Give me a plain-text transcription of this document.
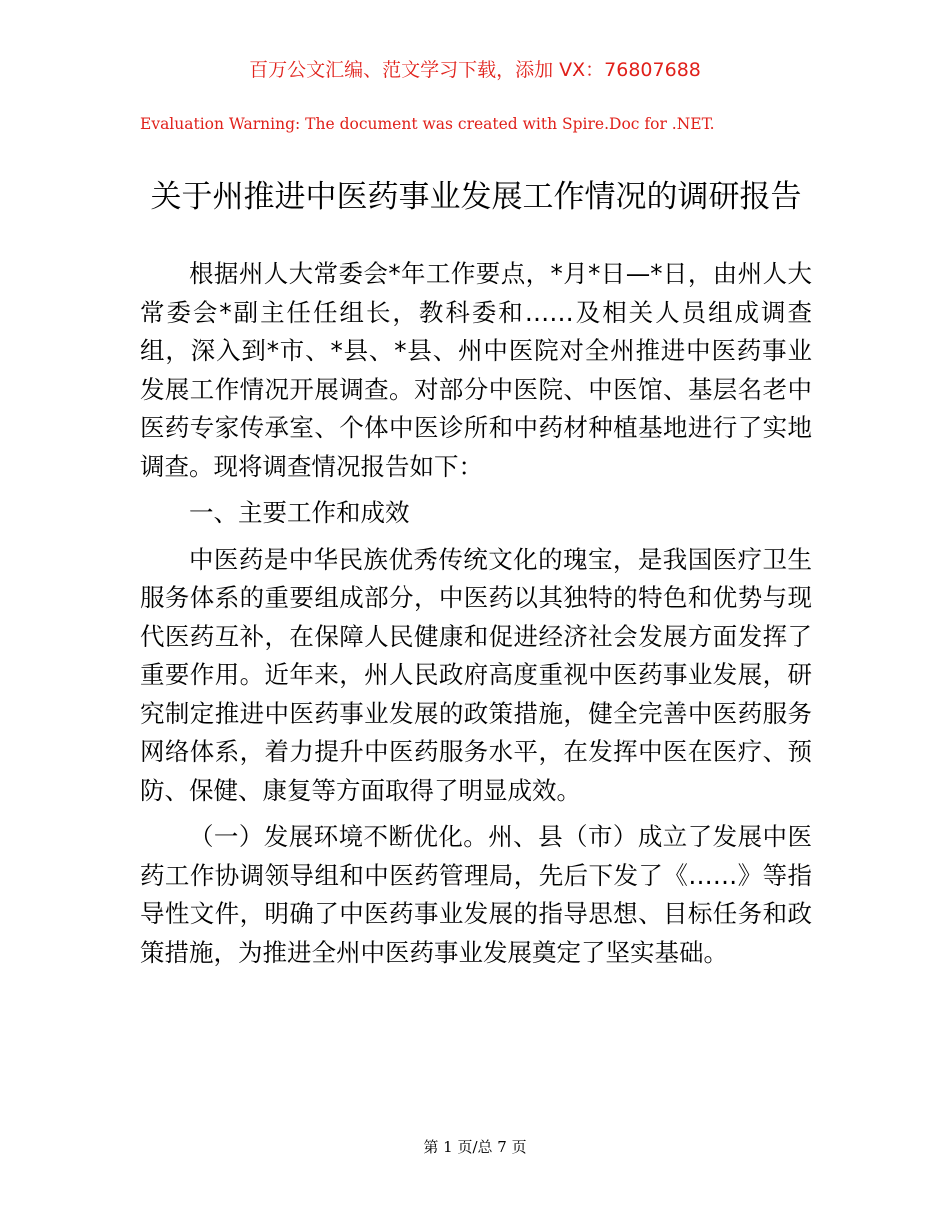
百万公文汇编、范文学习下载，添加 VX：76807688
Evaluation Warning: The document was created with Spire.Doc for .NET.
关于州推进中医药事业发展工作情况的调研报告

根据州人大常委会*年工作要点，*月*日—*日，由州人大常委会*副主任任组长，教科委和……及相关人员组成调查组，深入到*市、*县、*县、州中医院对全州推进中医药事业发展工作情况开展调查。对部分中医院、中医馆、基层名老中医药专家传承室、个体中医诊所和中药材种植基地进行了实地调查。现将调查情况报告如下：

一、主要工作和成效

中医药是中华民族优秀传统文化的瑰宝，是我国医疗卫生服务体系的重要组成部分，中医药以其独特的特色和优势与现代医药互补，在保障人民健康和促进经济社会发展方面发挥了重要作用。近年来，州人民政府高度重视中医药事业发展，研究制定推进中医药事业发展的政策措施，健全完善中医药服务网络体系，着力提升中医药服务水平，在发挥中医在医疗、预防、保健、康复等方面取得了明显成效。

（一）发展环境不断优化。州、县（市）成立了发展中医药工作协调领导组和中医药管理局，先后下发了《……》等指导性文件，明确了中医药事业发展的指导思想、目标任务和政策措施，为推进全州中医药事业发展奠定了坚实基础。

第 1 页/总 7 页
